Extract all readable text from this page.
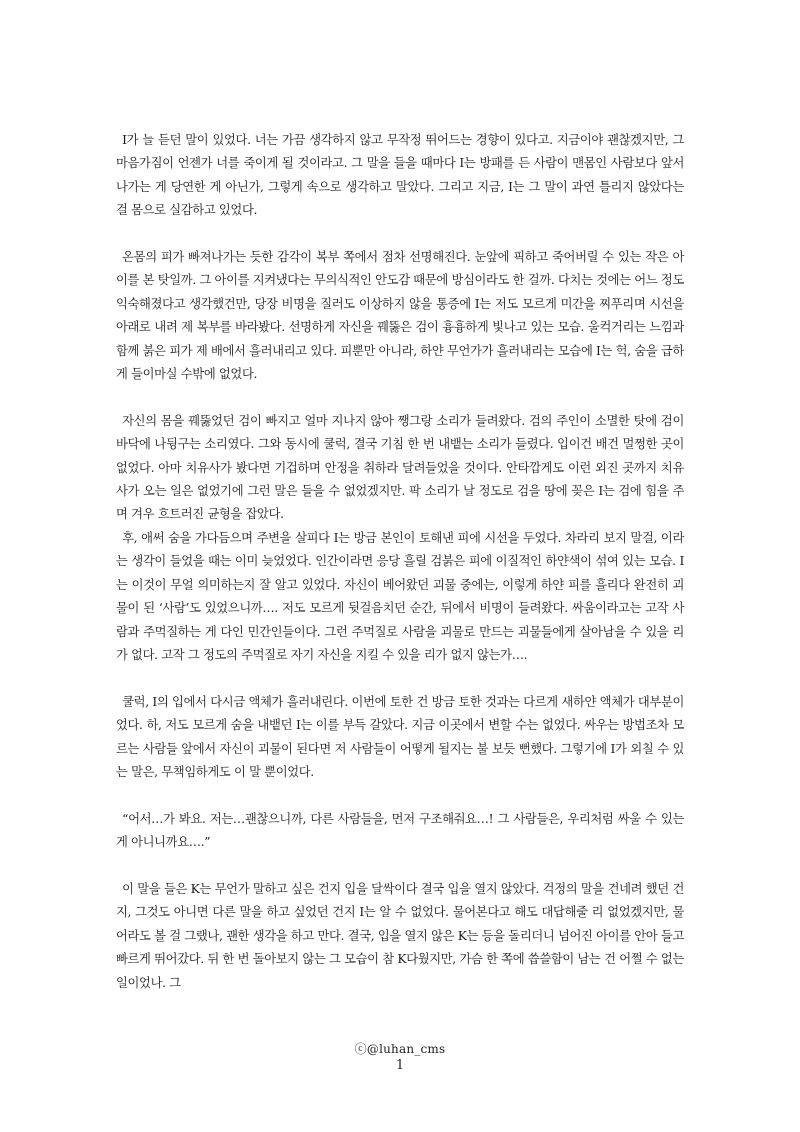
I가 늘 듣던 말이 있었다. 너는 가끔 생각하지 않고 무작정 뛰어드는 경향이 있다고. 지금이야 괜찮겠지만, 그 마음가짐이 언젠가 너를 죽이게 될 것이라고. 그 말을 들을 때마다 I는 방패를 든 사람이 맨몸인 사람보다 앞서나가는 게 당연한 게 아닌가, 그렇게 속으로 생각하고 말았다. 그리고 지금, I는 그 말이 과연 틀리지 않았다는 걸 몸으로 실감하고 있었다.

온몸의 피가 빠져나가는 듯한 감각이 복부 쪽에서 점차 선명해진다. 눈앞에 픽하고 죽어버릴 수 있는 작은 아이를 본 탓일까. 그 아이를 지켜냈다는 무의식적인 안도감 때문에 방심이라도 한 걸까. 다치는 것에는 어느 정도 익숙해졌다고 생각했건만, 당장 비명을 질러도 이상하지 않을 통증에 I는 저도 모르게 미간을 찌푸리며 시선을 아래로 내려 제 복부를 바라봤다. 선명하게 자신을 꿰뚫은 검이 흉흉하게 빛나고 있는 모습. 울컥거리는 느낌과 함께 붉은 피가 제 배에서 흘러내리고 있다. 피뿐만 아니라, 하얀 무언가가 흘러내리는 모습에 I는 헉, 숨을 급하게 들이마실 수밖에 없었다.

자신의 몸을 꿰뚫었던 검이 빠지고 얼마 지나지 않아 쨍그랑 소리가 들려왔다. 검의 주인이 소멸한 탓에 검이 바닥에 나뒹구는 소리였다. 그와 동시에 쿨럭, 결국 기침 한 번 내뱉는 소리가 들렸다. 입이건 배건 멀쩡한 곳이 없었다. 아마 치유사가 봤다면 기겁하며 안정을 취하라 달려들었을 것이다. 안타깝게도 이런 외진 곳까지 치유사가 오는 일은 없었기에 그런 말은 들을 수 없었겠지만. 팍 소리가 날 정도로 검을 땅에 꽂은 I는 검에 힘을 주며 겨우 흐트러진 균형을 잡았다.

후, 애써 숨을 가다듬으며 주변을 살피다 I는 방금 본인이 토해낸 피에 시선을 두었다. 차라리 보지 말걸, 이라는 생각이 들었을 때는 이미 늦었었다. 인간이라면 응당 흘릴 검붉은 피에 이질적인 하얀색이 섞여 있는 모습. I는 이것이 무얼 의미하는지 잘 알고 있었다. 자신이 베어왔던 괴물 중에는, 이렇게 하얀 피를 흘리다 완전히 괴물이 된 ‘사람’도 있었으니까…. 저도 모르게 뒷걸음치던 순간, 뒤에서 비명이 들려왔다. 싸움이라고는 고작 사람과 주먹질하는 게 다인 민간인들이다. 그런 주먹질로 사람을 괴물로 만드는 괴물들에게 살아남을 수 있을 리가 없다. 고작 그 정도의 주먹질로 자기 자신을 지킬 수 있을 리가 없지 않는가….

쿨럭, I의 입에서 다시금 액체가 흘러내린다. 이번에 토한 건 방금 토한 것과는 다르게 새하얀 액체가 대부분이었다. 하, 저도 모르게 숨을 내뱉던 I는 이를 부득 갈았다. 지금 이곳에서 변할 수는 없었다. 싸우는 방법조차 모르는 사람들 앞에서 자신이 괴물이 된다면 저 사람들이 어떻게 될지는 불 보듯 뻔했다. 그렇기에 I가 외칠 수 있는 말은, 무책임하게도 이 말 뿐이었다.

“어서…가 봐요. 저는…괜찮으니까, 다른 사람들을, 먼저 구조해줘요…! 그 사람들은, 우리처럼 싸울 수 있는 게 아니니까요….”

이 말을 들은 K는 무언가 말하고 싶은 건지 입을 달싹이다 결국 입을 열지 않았다. 걱정의 말을 건네려 했던 건지, 그것도 아니면 다른 말을 하고 싶었던 건지 I는 알 수 없었다. 물어본다고 해도 대답해줄 리 없었겠지만, 물어라도 볼 걸 그랬나, 괜한 생각을 하고 만다. 결국, 입을 열지 않은 K는 등을 돌리더니 넘어진 아이를 안아 들고 빠르게 뛰어갔다. 뒤 한 번 돌아보지 않는 그 모습이 참 K다웠지만, 가슴 한 쪽에 씁쓸함이 남는 건 어쩔 수 없는 일이었나. 그

ⓒ@luhan_cms
1
